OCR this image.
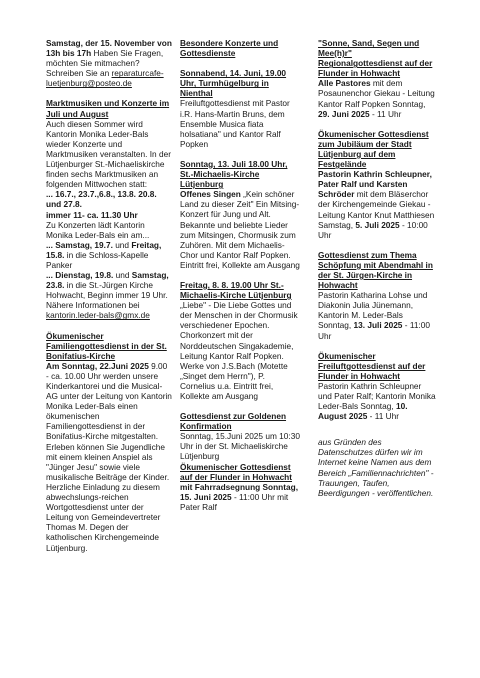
Samstag, der 15. November von 13h bis 17h Haben Sie Fragen, möchten Sie mitmachen? Schreiben Sie an reparaturcafe-luetjenburg@posteo.de

Marktmusiken und Konzerte im Juli und August
Auch diesen Sommer wird Kantorin Monika Leder-Bals wieder Konzerte und Marktmusiken veranstalten. In der Lütjenburger St.-Michaeliskirche finden sechs Marktmusiken an folgenden Mittwochen statt:
... 16.7., 23.7.,6.8., 13.8. 20.8. und 27.8.
immer 11- ca. 11.30 Uhr
Zu Konzerten lädt Kantorin Monika Leder-Bals ein am...
... Samstag, 19.7. und Freitag, 15.8. in die Schloss-Kapelle Panker
... Dienstag, 19.8. und Samstag, 23.8. in die St.-Jürgen Kirche Hohwacht, Beginn immer 19 Uhr. Nähere Informationen bei kantorin.leder-bals@gmx.de

Ökumenischer Familiengottesdienst in der St. Bonifatius-Kirche
Am Sonntag, 22.Juni 2025 9.00 - ca. 10.00 Uhr werden unsere Kinderkantorei und die Musical-AG unter der Leitung von Kantorin Monika Leder-Bals einen ökumenischen Familiengottesdienst in der Bonifatius-Kirche mitgestalten. Erleben können Sie Jugendliche mit einem kleinen Anspiel als "Jünger Jesu" sowie viele musikalische Beiträge der Kinder. Herzliche Einladung zu diesem abwechslungs-reichen Wortgottesdienst unter der Leitung von Gemeindevertreter Thomas M. Degen der katholischen Kirchengemeinde Lütjenburg.

Besondere Konzerte und Gottesdienste

Sonnabend, 14. Juni, 19.00 Uhr, Turmhügelburg in Nienthal
Freiluftgottesdienst mit Pastor i.R. Hans-Martin Bruns, dem Ensemble Musica fiata holsatiana" und Kantor Ralf Popken

Sonntag, 13. Juli 18.00 Uhr, St.-Michaelis-Kirche Lütjenburg
Offenes Singen „Kein schöner Land zu dieser Zeit" Ein Mitsing-Konzert für Jung und Alt. Bekannte und beliebte Lieder zum Mitsingen, Chormusik zum Zuhören. Mit dem Michaelis-Chor und Kantor Ralf Popken. Eintritt frei, Kollekte am Ausgang

Freitag, 8. 8. 19.00 Uhr St.-Michaelis-Kirche Lütjenburg
„Liebe" - Die Liebe Gottes und der Menschen in der Chormusik verschiedener Epochen. Chorkonzert mit der Norddeutschen Singakademie, Leitung Kantor Ralf Popken. Werke von J.S.Bach (Motette „Singet dem Herrn"), P. Cornelius u.a. Eintritt frei, Kollekte am Ausgang

Gottesdienst zur Goldenen Konfirmation
Sonntag, 15.Juni 2025 um 10:30 Uhr in der St. Michaeliskirche Lütjenburg
Ökumenischer Gottesdienst auf der Flunder in Hohwacht
mit Fahrradsegnung Sonntag, 15. Juni 2025 - 11:00 Uhr mit Pater Ralf

"Sonne, Sand, Segen und Mee(h)r" Regionalgottesdienst auf der Flunder in Hohwacht
Alle Pastores mit dem Posaunenchor Giekau - Leitung Kantor Ralf Popken Sonntag, 29. Juni 2025 - 11 Uhr

Ökumenischer Gottesdienst zum Jubiläum der Stadt Lütjenburg auf dem Festgelände
Pastorin Kathrin Schleupner, Pater Ralf und Karsten Schröder mit dem Bläserchor der Kirchengemeinde Giekau - Leitung Kantor Knut Matthiesen Samstag, 5. Juli 2025 - 10:00 Uhr

Gottesdienst zum Thema Schöpfung mit Abendmahl in der St. Jürgen-Kirche in Hohwacht
Pastorin Katharina Lohse und Diakonin Julia Jünemann, Kantorin M. Leder-Bals Sonntag, 13. Juli 2025 - 11:00 Uhr

Ökumenischer Freiluftgottesdienst auf der Flunder in Hohwacht
Pastorin Kathrin Schleupner und Pater Ralf; Kantorin Monika Leder-Bals Sonntag, 10. August 2025 - 11 Uhr

aus Gründen des Datenschutzes dürfen wir im Internet keine Namen aus dem Bereich „Familiennachrichten" - Trauungen, Taufen, Beerdigungen - veröffentlichen.
